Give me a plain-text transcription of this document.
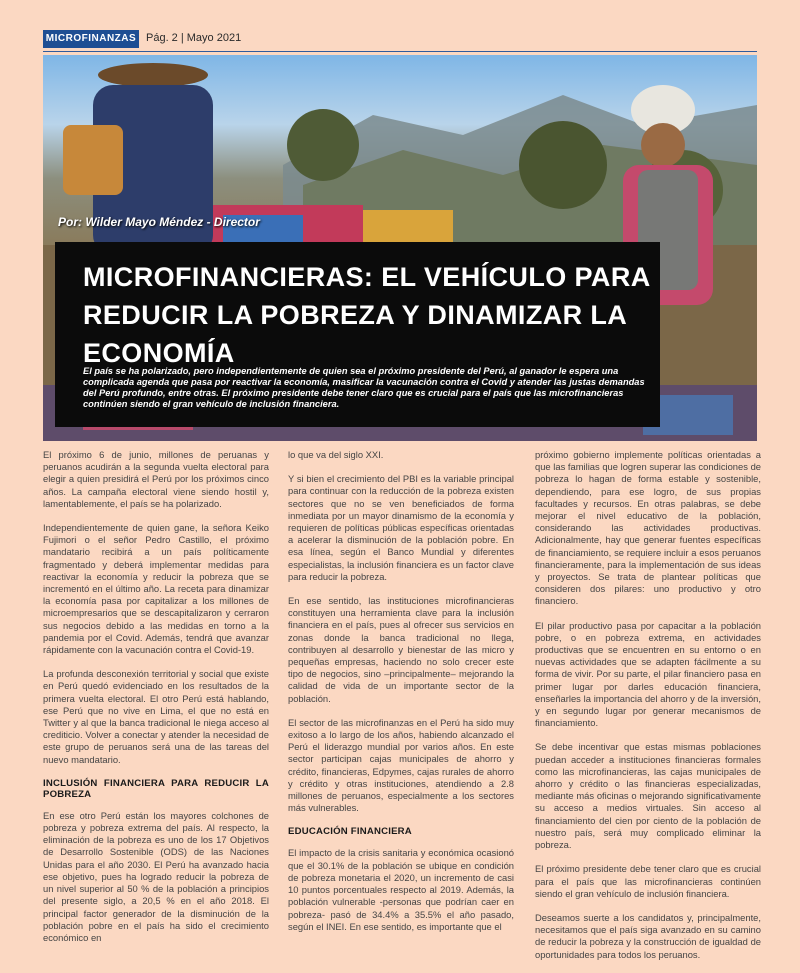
MICROFINANZAS Pág. 2 | Mayo 2021
Por: Wilder Mayo Méndez - Director
MICROFINANCIERAS: EL VEHÍCULO PARA REDUCIR LA POBREZA Y DINAMIZAR LA ECONOMÍA
El país se ha polarizado, pero independientemente de quien sea el próximo presidente del Perú, al ganador le espera una complicada agenda que pasa por reactivar la economía, masificar la vacunación contra el Covid y atender las justas demandas del Perú profundo, entre otras. El próximo presidente debe tener claro que es crucial para el país que las microfinancieras continúen siendo el gran vehículo de inclusión financiera.

El próximo 6 de junio, millones de peruanas y peruanos acudirán a la segunda vuelta electoral para elegir a quien presidirá el Perú por los próximos cinco años. La campaña electoral viene siendo hostil y, lamentablemente, el país se ha polarizado.

Independientemente de quien gane, la señora Keiko Fujimori o el señor Pedro Castillo, el próximo mandatario recibirá a un país políticamente fragmentado y deberá implementar medidas para reactivar la economía y reducir la pobreza que se incrementó en el último año. La receta para dinamizar la economía pasa por capitalizar a los millones de microempresarios que se descapitalizaron y cerraron sus negocios debido a las medidas en torno a la pandemia por el Covid. Además, tendrá que avanzar rápidamente con la vacunación contra el Covid-19.

La profunda desconexión territorial y social que existe en Perú quedó evidenciado en los resultados de la primera vuelta electoral. El otro Perú está hablando, ese Perú que no vive en Lima, el que no está en Twitter y al que la banca tradicional le niega acceso al crediticio. Volver a conectar y atender la necesidad de este grupo de peruanos será una de las tareas del nuevo mandatario.

INCLUSIÓN FINANCIERA PARA REDUCIR LA POBREZA

En ese otro Perú están los mayores colchones de pobreza y pobreza extrema del país. Al respecto, la eliminación de la pobreza es uno de los 17 Objetivos de Desarrollo Sostenible (ODS) de las Naciones Unidas para el año 2030. El Perú ha avanzado hacia ese objetivo, pues ha logrado reducir la pobreza de un nivel superior al 50 % de la población a principios del presente siglo, a 20,5 % en el año 2018. El principal factor generador de la disminución de la población pobre en el país ha sido el crecimiento económico en

lo que va del siglo XXI.

Y si bien el crecimiento del PBI es la variable principal para continuar con la reducción de la pobreza existen sectores que no se ven beneficiados de forma inmediata por un mayor dinamismo de la economía y requieren de políticas públicas específicas orientadas a acelerar la disminución de la población pobre. En esa línea, según el Banco Mundial y diferentes especialistas, la inclusión financiera es un factor clave para reducir la pobreza.

En ese sentido, las instituciones microfinancieras constituyen una herramienta clave para la inclusión financiera en el país, pues al ofrecer sus servicios en zonas donde la banca tradicional no llega, contribuyen al desarrollo y bienestar de las micro y pequeñas empresas, haciendo no solo crecer este tipo de negocios, sino –principalmente– mejorando la calidad de vida de un importante sector de la población.

El sector de las microfinanzas en el Perú ha sido muy exitoso a lo largo de los años, habiendo alcanzado el Perú el liderazgo mundial por varios años. En este sector participan cajas municipales de ahorro y crédito, financieras, Edpymes, cajas rurales de ahorro y crédito y otras instituciones, atendiendo a 2.8 millones de peruanos, especialmente a los sectores más vulnerables.

EDUCACIÓN FINANCIERA

El impacto de la crisis sanitaria y económica ocasionó que el 30.1% de la población se ubique en condición de pobreza monetaria el 2020, un incremento de casi 10 puntos porcentuales respecto al 2019. Además, la población vulnerable -personas que podrían caer en pobreza- pasó de 34.4% a 35.5% el año pasado, según el INEI. En ese sentido, es importante que el

próximo gobierno implemente políticas orientadas a que las familias que logren superar las condiciones de pobreza lo hagan de forma estable y sostenible, dependiendo, para ese logro, de sus propias facultades y recursos. En otras palabras, se debe mejorar el nivel educativo de la población, considerando las actividades productivas. Adicionalmente, hay que generar fuentes específicas de financiamiento, se requiere incluir a esos peruanos financieramente, para la implementación de sus ideas y proyectos. Se trata de plantear políticas que consideren dos pilares: uno productivo y otro financiero.

El pilar productivo pasa por capacitar a la población pobre, o en pobreza extrema, en actividades productivas que se encuentren en su entorno o en nuevas actividades que se adapten fácilmente a su forma de vivir. Por su parte, el pilar financiero pasa en primer lugar por darles educación financiera, enseñarles la importancia del ahorro y de la inversión, y en segundo lugar por generar mecanismos de financiamiento.

Se debe incentivar que estas mismas poblaciones puedan acceder a instituciones financieras formales como las microfinancieras, las cajas municipales de ahorro y crédito o las financieras especializadas, mediante más oficinas o mejorando significativamente su acceso a medios virtuales. Sin acceso al financiamiento del cien por ciento de la población de nuestro país, será muy complicado eliminar la pobreza.

El próximo presidente debe tener claro que es crucial para el país que las microfinancieras continúen siendo el gran vehículo de inclusión financiera.

Deseamos suerte a los candidatos y, principalmente, necesitamos que el país siga avanzado en su camino de reducir la pobreza y la construcción de igualdad de oportunidades para todos los peruanos.
